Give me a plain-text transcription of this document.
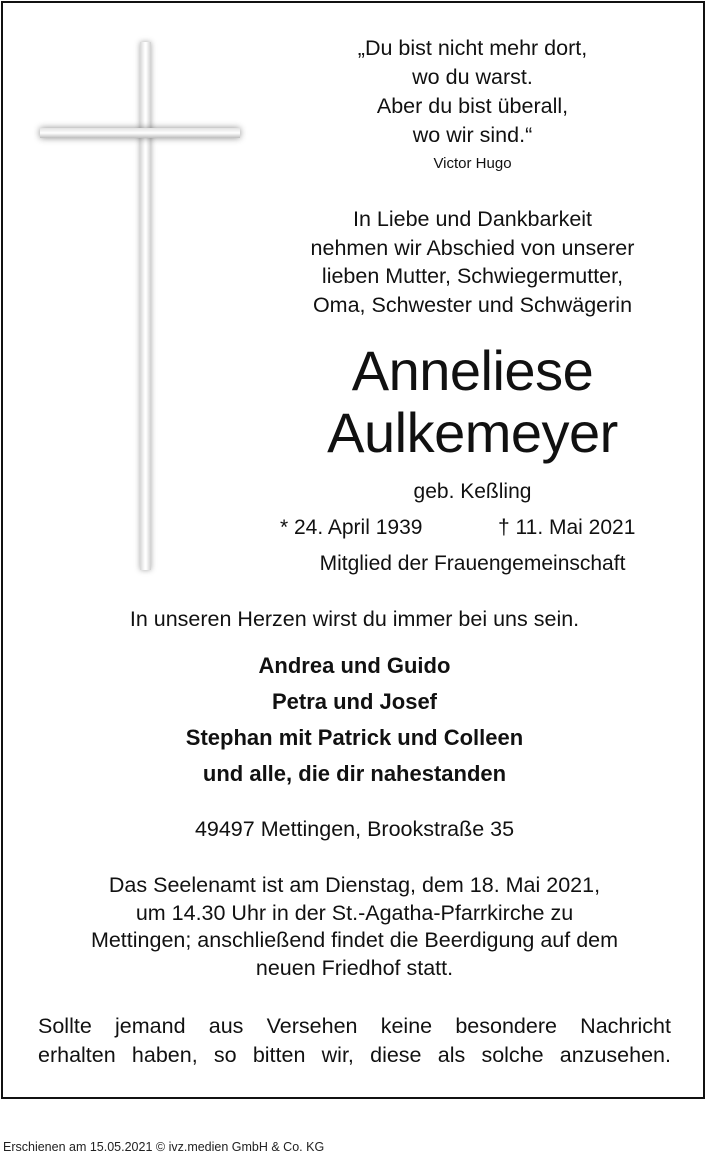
„Du bist nicht mehr dort,
wo du warst.
Aber du bist überall,
wo wir sind.“
Victor Hugo
In Liebe und Dankbarkeit
nehmen wir Abschied von unserer
lieben Mutter, Schwiegermutter,
Oma, Schwester und Schwägerin
Anneliese
Aulkemeyer
geb. Keßling
* 24. April 1939	† 11. Mai 2021
Mitglied der Frauengemeinschaft
In unseren Herzen wirst du immer bei uns sein.
Andrea und Guido
Petra und Josef
Stephan mit Patrick und Colleen
und alle, die dir nahestanden
49497 Mettingen, Brookstraße 35
Das Seelenamt ist am Dienstag, dem 18. Mai 2021,
um 14.30 Uhr in der St.-Agatha-Pfarrkirche zu
Mettingen; anschließend findet die Beerdigung auf dem
neuen Friedhof statt.
Sollte jemand aus Versehen keine besondere Nachricht
erhalten haben, so bitten wir, diese als solche anzusehen.
Erschienen am 15.05.2021 © ivz.medien GmbH & Co. KG
